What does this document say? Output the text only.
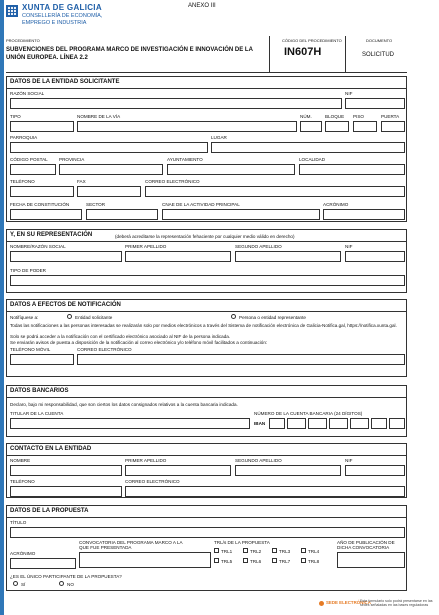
XUNTA DE GALICIA
CONSELLERÍA DE ECONOMÍA,
EMPREGO E INDUSTRIA
ANEXO III
PROCEDIMIENTO
SUBVENCIONES DEL PROGRAMA MARCO DE INVESTIGACIÓN E INNOVACIÓN DE LA UNIÓN EUROPEA. LÍNEA 2.2
CÓDIGO DEL PROCEDIMIENTO
IN607H
DOCUMENTO
SOLICITUD
DATOS DE LA ENTIDAD SOLICITANTE
RAZÓN SOCIAL	NIF
TIPO	NOMBRE DE LA VÍA	NÚM.	BLOQUE PISO	PUERTA
PARROQUIA	LUGAR
CÓDIGO POSTAL PROVINCIA	AYUNTAMIENTO	LOCALIDAD
TELÉFONO	FAX	CORREO ELECTRÓNICO
FECHA DE CONSTITUCIÓN	SECTOR	CNAE DE LA ACTIVIDAD PRINCIPAL	ACRÓNIMO
Y, EN SU REPRESENTACIÓN	(deberá acreditarse la representación fehaciente por cualquier medio válido en derecho)
NOMBRE/RAZÓN SOCIAL	PRIMER APELLIDO	SEGUNDO APELLIDO	NIF
TIPO DE PODER
DATOS A EFECTOS DE NOTIFICACIÓN
Notifíquese a:	Entidad solicitante	Persona o entidad representante
Todas las notificaciones a las personas interesadas se realizarán solo por medios electrónicos a través del Sistema de notificación electrónica de Galicia-Notifica.gal, https://notifica.xunta.gal.
Solo se podrá acceder a la notificación con el certificado electrónico asociado al NIF de la persona indicada.
Se enviarán avisos de puesta a disposición de la notificación al correo electrónico y/o teléfono móvil facilitados a continuación:
TELÉFONO MÓVIL	CORREO ELECTRÓNICO
DATOS BANCARIOS
Declaro, bajo mi responsabilidad, que son ciertos los datos consignados relativos a la cuenta bancaria indicada.
TITULAR DE LA CUENTA	NÚMERO DE LA CUENTA BANCARIA (24 DÍGITOS)
IBAN
CONTACTO EN LA ENTIDAD
NOMBRE	PRIMER APELLIDO	SEGUNDO APELLIDO	NIF
TELÉFONO	CORREO ELECTRÓNICO
DATOS DE LA PROPUESTA
TÍTULO
ACRÓNIMO
CONVOCATORIA DEL PROGRAMA MARCO A LA QUE FUE PRESENTADA
TRL/s DE LA PROPUESTA
TRL1	TRL2	TRL3	TRL4
TRL5	TRL6	TRL7	TRL8
AÑO DE PUBLICACIÓN DE DICHA CONVOCATORIA
¿ES EL ÚNICO PARTICIPANTE DE LA PROPUESTA?
SÍ	NO
SEDE ELECTRÓNICA
Este formulario solo podrá presentarse en las sedes señaladas en las bases reguladoras
